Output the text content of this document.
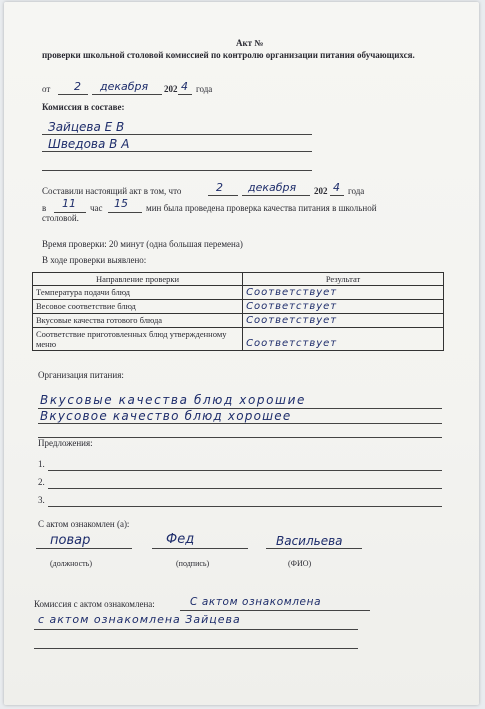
Акт №
проверки школьной столовой комиссией по контролю организации питания обучающихся.
от 2 декабря 202 4 года
Комиссия в составе:
Зайцева Е В
Шведова В А
Составили настоящий акт в том, что	2 декабря 202 4 года
в 11 час 15 мин была проведена проверка качества питания в школьной
столовой.
Время проверки: 20 минут (одна большая перемена)
В ходе проверки выявлено:
Направление проверки	Результат
Температура подачи блюд	Соответствует
Весовое соответствие блюд	Соответствует
Вкусовые качества готового блюда	Соответствует
Соответствие приготовленных блюд утвержденному меню	Соответствует
Организация питания:
Вкусовые качества блюд хорошие
Вкусовое качество блюд хорошее
Предложения:
1.
2.
3.
С актом ознакомлен (а):
повар	Фед	Васильева
(должность)	(подпись)	(ФИО)
Комиссия с актом ознакомлена:	С актом ознакомлена
с актом ознакомлена Зайцева
